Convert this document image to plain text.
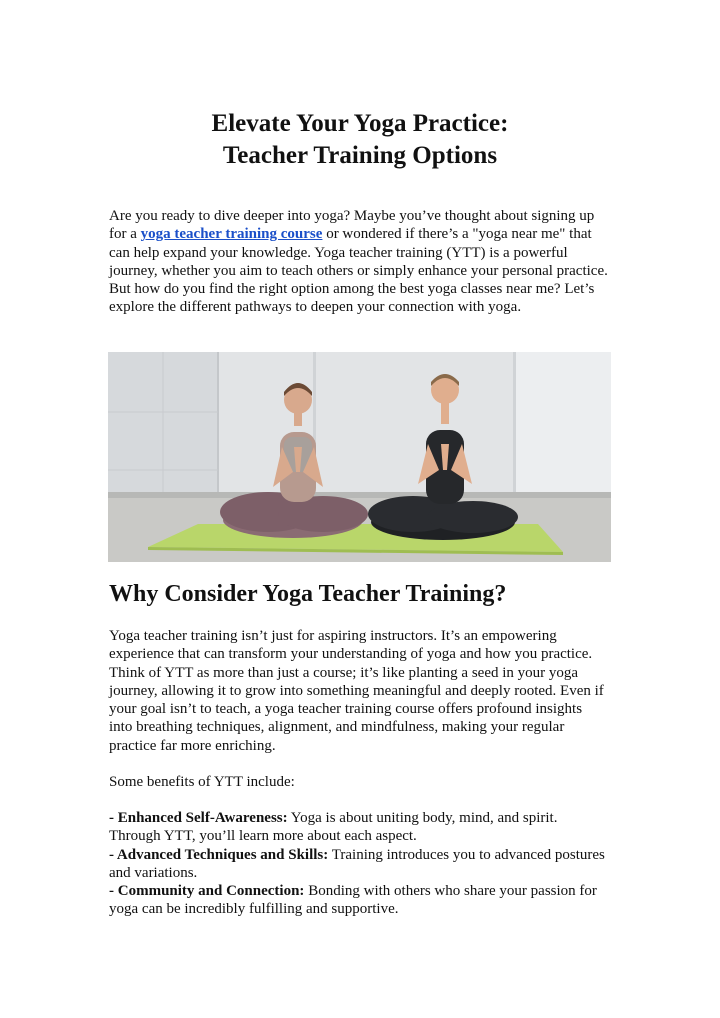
Elevate Your Yoga Practice:
Teacher Training Options

Are you ready to dive deeper into yoga? Maybe you’ve thought about signing up for a yoga teacher training course or wondered if there’s a "yoga near me" that can help expand your knowledge. Yoga teacher training (YTT) is a powerful journey, whether you aim to teach others or simply enhance your personal practice. But how do you find the right option among the best yoga classes near me? Let’s explore the different pathways to deepen your connection with yoga.

Why Consider Yoga Teacher Training?

Yoga teacher training isn’t just for aspiring instructors. It’s an empowering experience that can transform your understanding of yoga and how you practice. Think of YTT as more than just a course; it’s like planting a seed in your yoga journey, allowing it to grow into something meaningful and deeply rooted. Even if your goal isn’t to teach, a yoga teacher training course offers profound insights into breathing techniques, alignment, and mindfulness, making your regular practice far more enriching.

Some benefits of YTT include:

- Enhanced Self-Awareness: Yoga is about uniting body, mind, and spirit. Through YTT, you’ll learn more about each aspect.
- Advanced Techniques and Skills: Training introduces you to advanced postures and variations.
- Community and Connection: Bonding with others who share your passion for yoga can be incredibly fulfilling and supportive.
